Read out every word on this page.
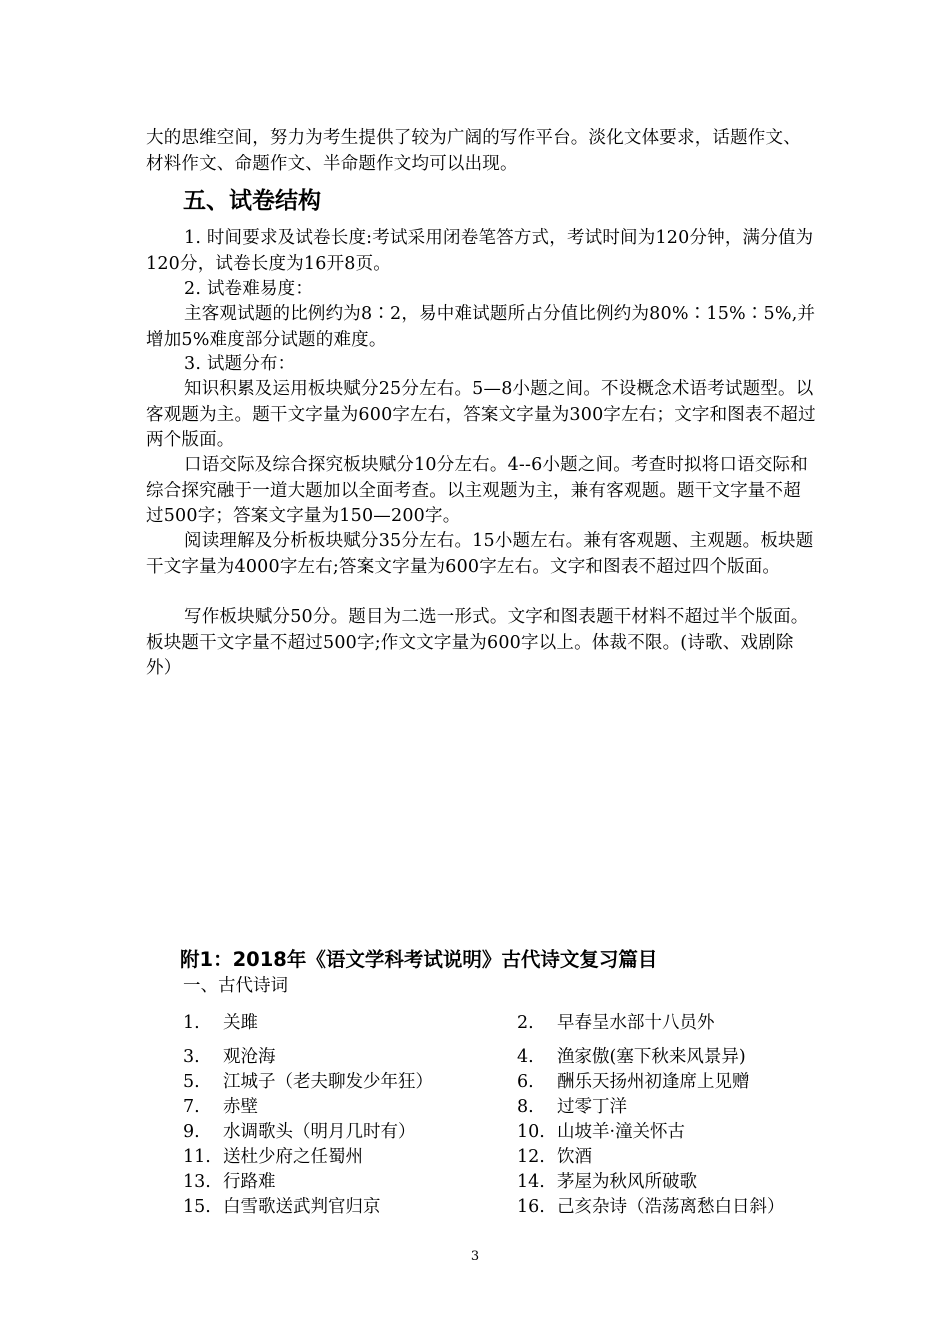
大的思维空间，努力为考生提供了较为广阔的写作平台。淡化文体要求，话题作文、材料作文、命题作文、半命题作文均可以出现。

五、试卷结构

1. 时间要求及试卷长度:考试采用闭卷笔答方式，考试时间为120分钟，满分值为120分，试卷长度为16开8页。

2. 试卷难易度：

主客观试题的比例约为8∶2，易中难试题所占分值比例约为80%∶15%∶5%,并增加5%难度部分试题的难度。

3. 试题分布：

知识积累及运用板块赋分25分左右。5—8小题之间。不设概念术语考试题型。以客观题为主。题干文字量为600字左右，答案文字量为300字左右；文字和图表不超过两个版面。

口语交际及综合探究板块赋分10分左右。4--6小题之间。考查时拟将口语交际和综合探究融于一道大题加以全面考查。以主观题为主，兼有客观题。题干文字量不超过500字；答案文字量为150—200字。

阅读理解及分析板块赋分35分左右。15小题左右。兼有客观题、主观题。板块题干文字量为4000字左右;答案文字量为600字左右。文字和图表不超过四个版面。

写作板块赋分50分。题目为二选一形式。文字和图表题干材料不超过半个版面。板块题干文字量不超过500字;作文文字量为600字以上。体裁不限。(诗歌、戏剧除外）

附1：2018年《语文学科考试说明》古代诗文复习篇目

一、古代诗词

1. 关雎	2. 早春呈水部十八员外
3. 观沧海	4. 渔家傲(塞下秋来风景异)
5. 江城子（老夫聊发少年狂）	6. 酬乐天扬州初逢席上见赠
7. 赤壁	8. 过零丁洋
9. 水调歌头（明月几时有）	10. 山坡羊·潼关怀古
11. 送杜少府之任蜀州	12. 饮酒
13. 行路难	14. 茅屋为秋风所破歌
15. 白雪歌送武判官归京	16. 己亥杂诗（浩荡离愁白日斜）
3
